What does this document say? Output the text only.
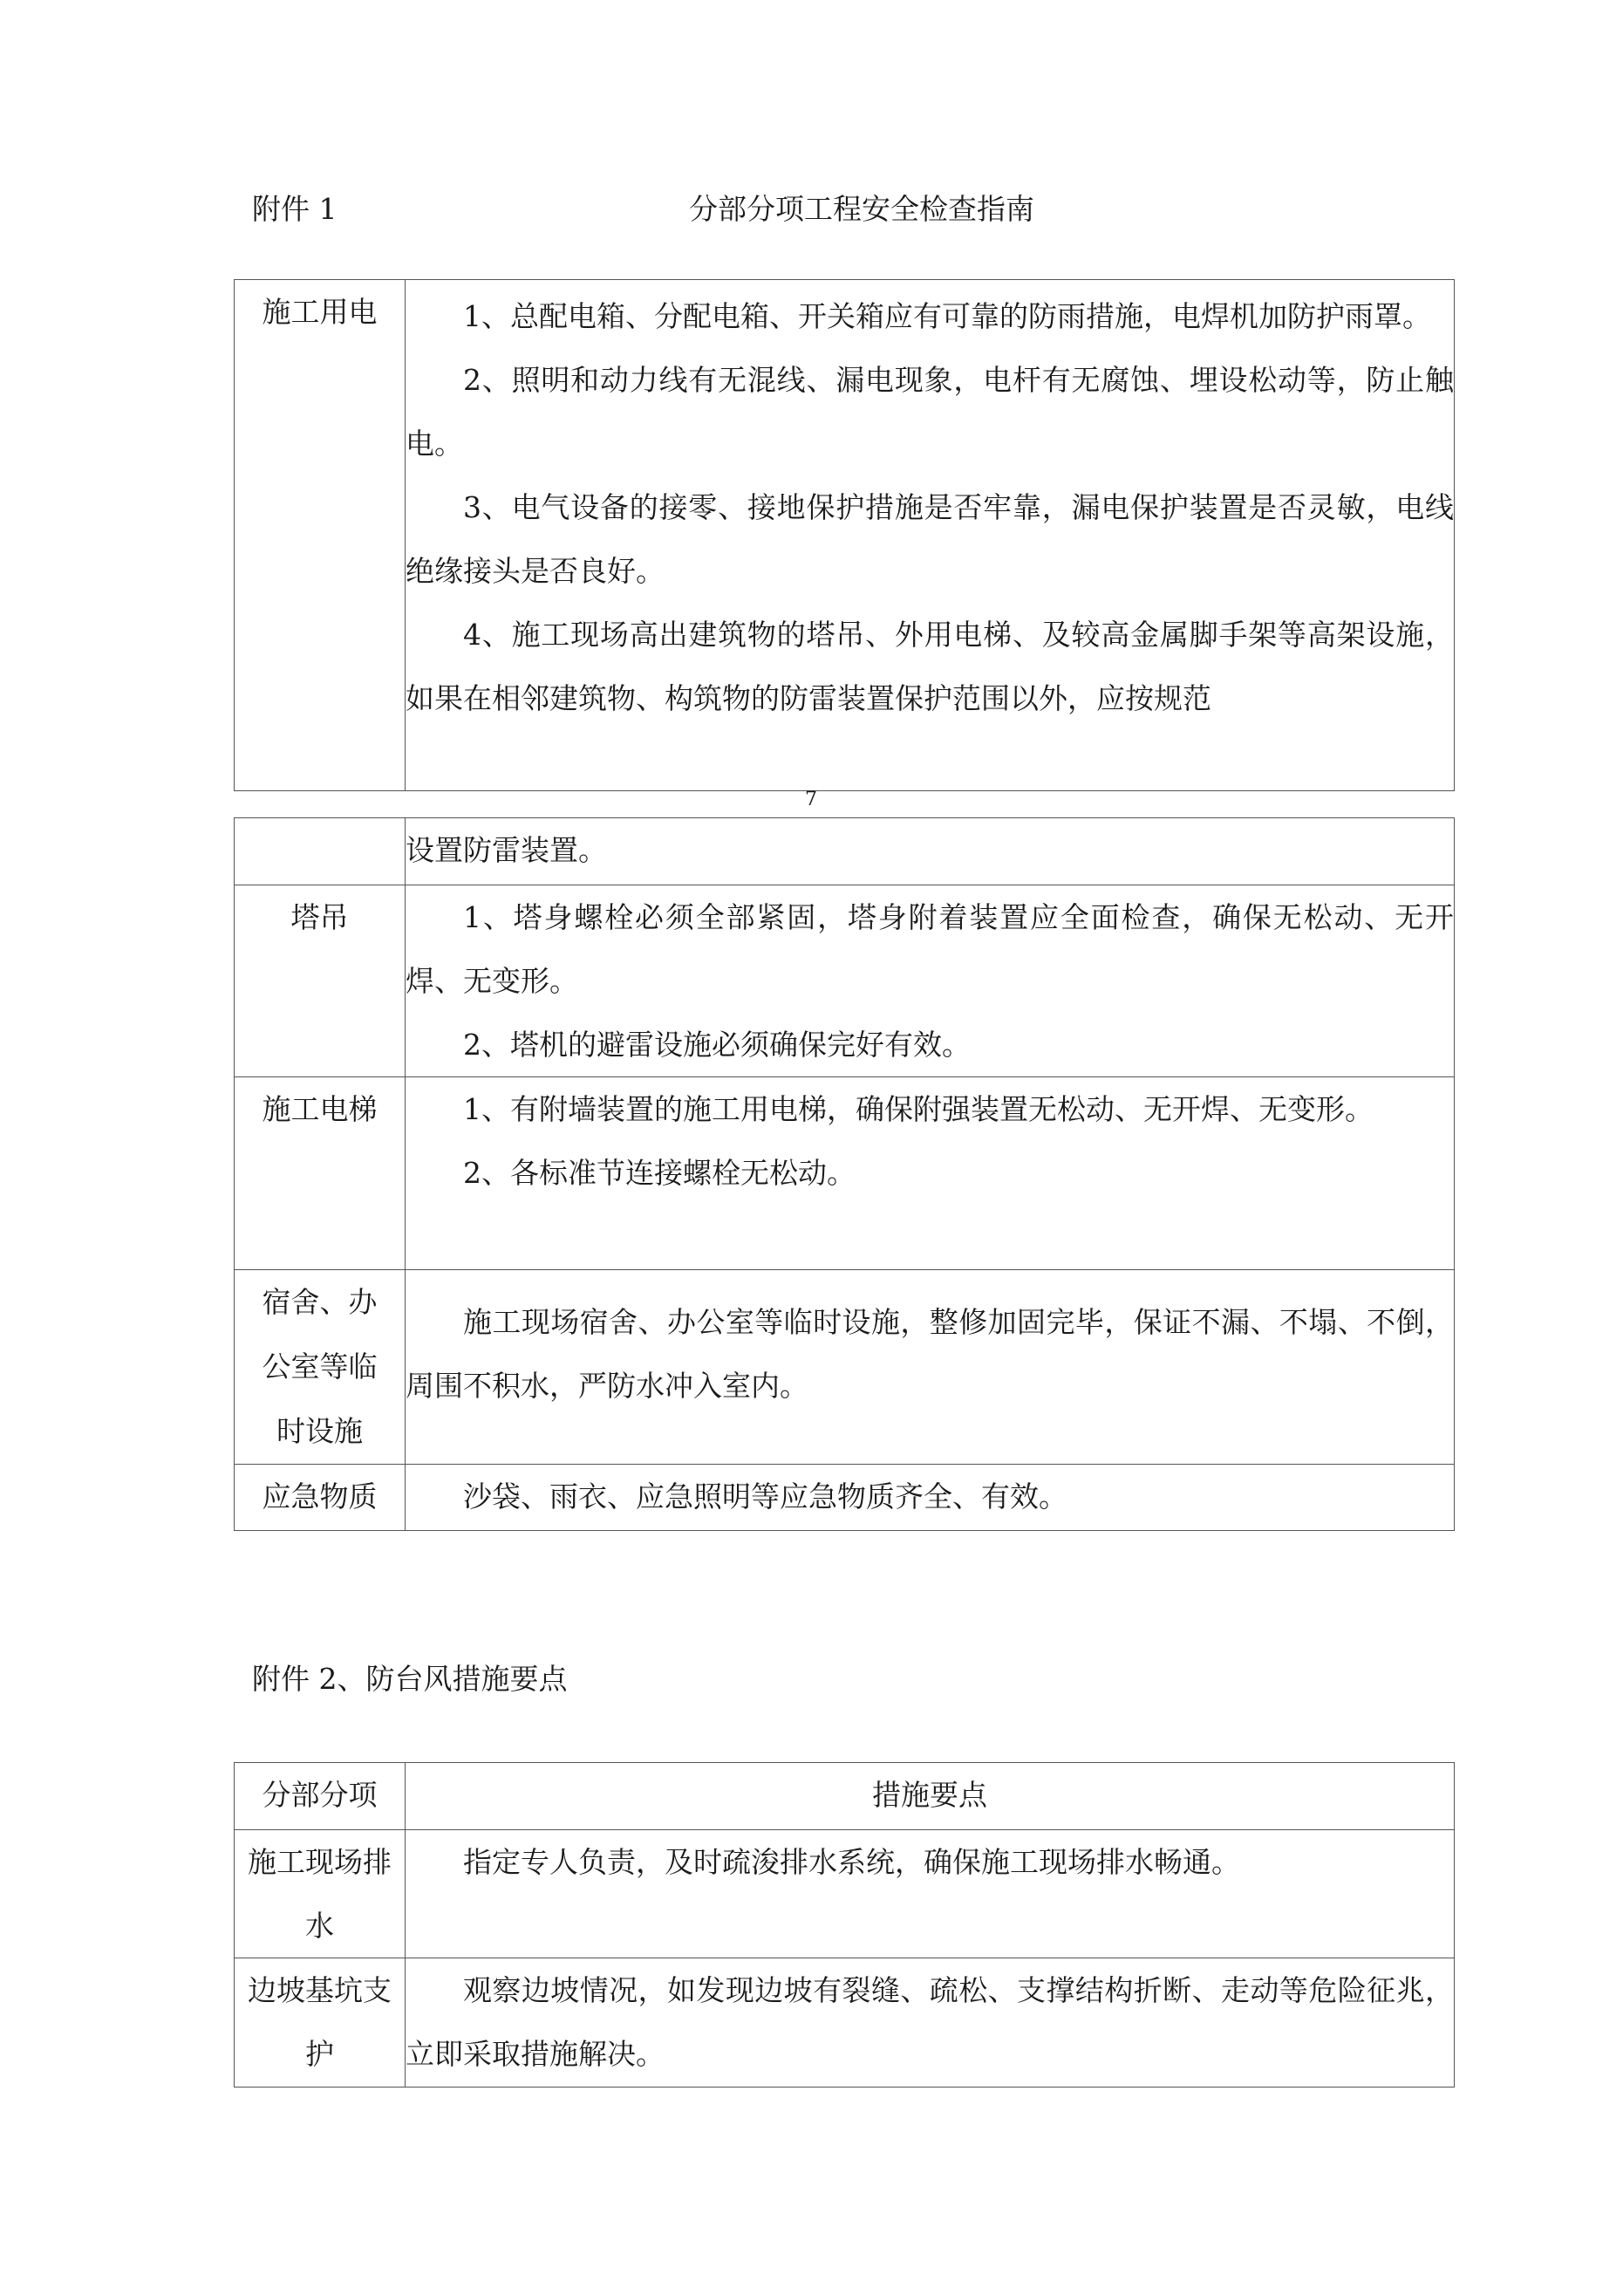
附件 1	分部分项工程安全检查指南
施工用电	1、总配电箱、分配电箱、开关箱应有可靠的防雨措施，电焊机加防护雨罩。

2、照明和动力线有无混线、漏电现象，电杆有无腐蚀、埋设松动等，防止触电。

3、电气设备的接零、接地保护措施是否牢靠，漏电保护装置是否灵敏，电线绝缘接头是否良好。

4、施工现场高出建筑物的塔吊、外用电梯、及较高金属脚手架等高架设施，如果在相邻建筑物、构筑物的防雷装置保护范围以外，应按规范

7

	设置防雷装置。

塔吊	1、塔身螺栓必须全部紧固，塔身附着装置应全面检查，确保无松动、无开焊、无变形。

2、塔机的避雷设施必须确保完好有效。

施工电梯	1、有附墙装置的施工用电梯，确保附强装置无松动、无开焊、无变形。

2、各标准节连接螺栓无松动。

宿舍、办
公室等临
时设施	施工现场宿舍、办公室等临时设施，整修加固完毕，保证不漏、不塌、不倒，周围不积水，严防水冲入室内。

应急物质	沙袋、雨衣、应急照明等应急物质齐全、有效。

附件 2、防台风措施要点
分部分项	措施要点

施工现场排
水	指定专人负责，及时疏浚排水系统，确保施工现场排水畅通。

边坡基坑支
护	观察边坡情况，如发现边坡有裂缝、疏松、支撑结构折断、走动等危险征兆，立即采取措施解决。
